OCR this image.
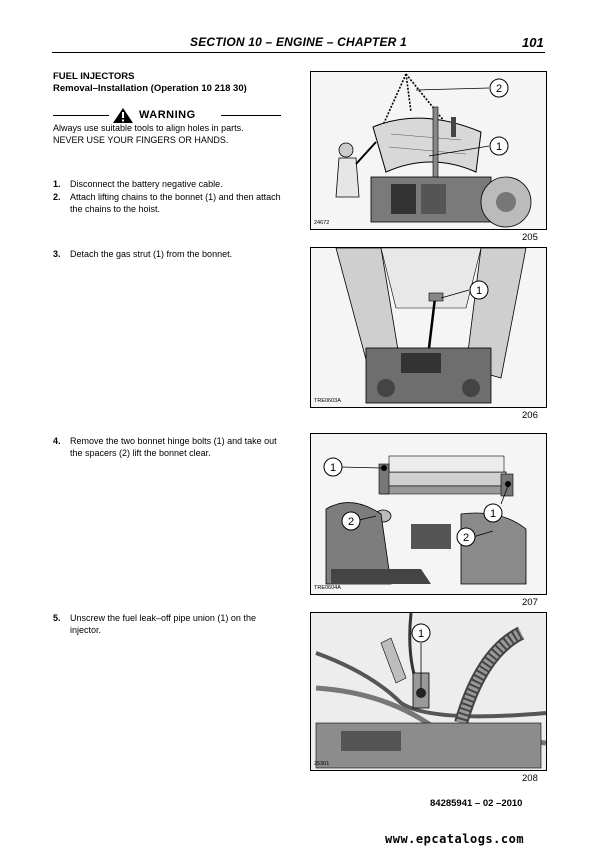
SECTION 10 – ENGINE – CHAPTER 1	101
FUEL INJECTORS
Removal–Installation (Operation 10 218 30)
WARNING
Always use suitable tools to align holes in parts.
NEVER USE YOUR FINGERS OR HANDS.
1. Disconnect the battery negative cable.
2. Attach lifting chains to the bonnet (1) and then attach the chains to the hoist.
3. Detach the gas strut (1) from the bonnet.
4. Remove the two bonnet hinge bolts (1) and take out the spacers (2) lift the bonnet clear.
5. Unscrew the fuel leak–off pipe union (1) on the injector.
2
1
24672
205
1
TRE0603A
206
1
2
2
1
TRE0604A
207
1
25301
208
84285941 – 02 –2010
www.epcatalogs.com
